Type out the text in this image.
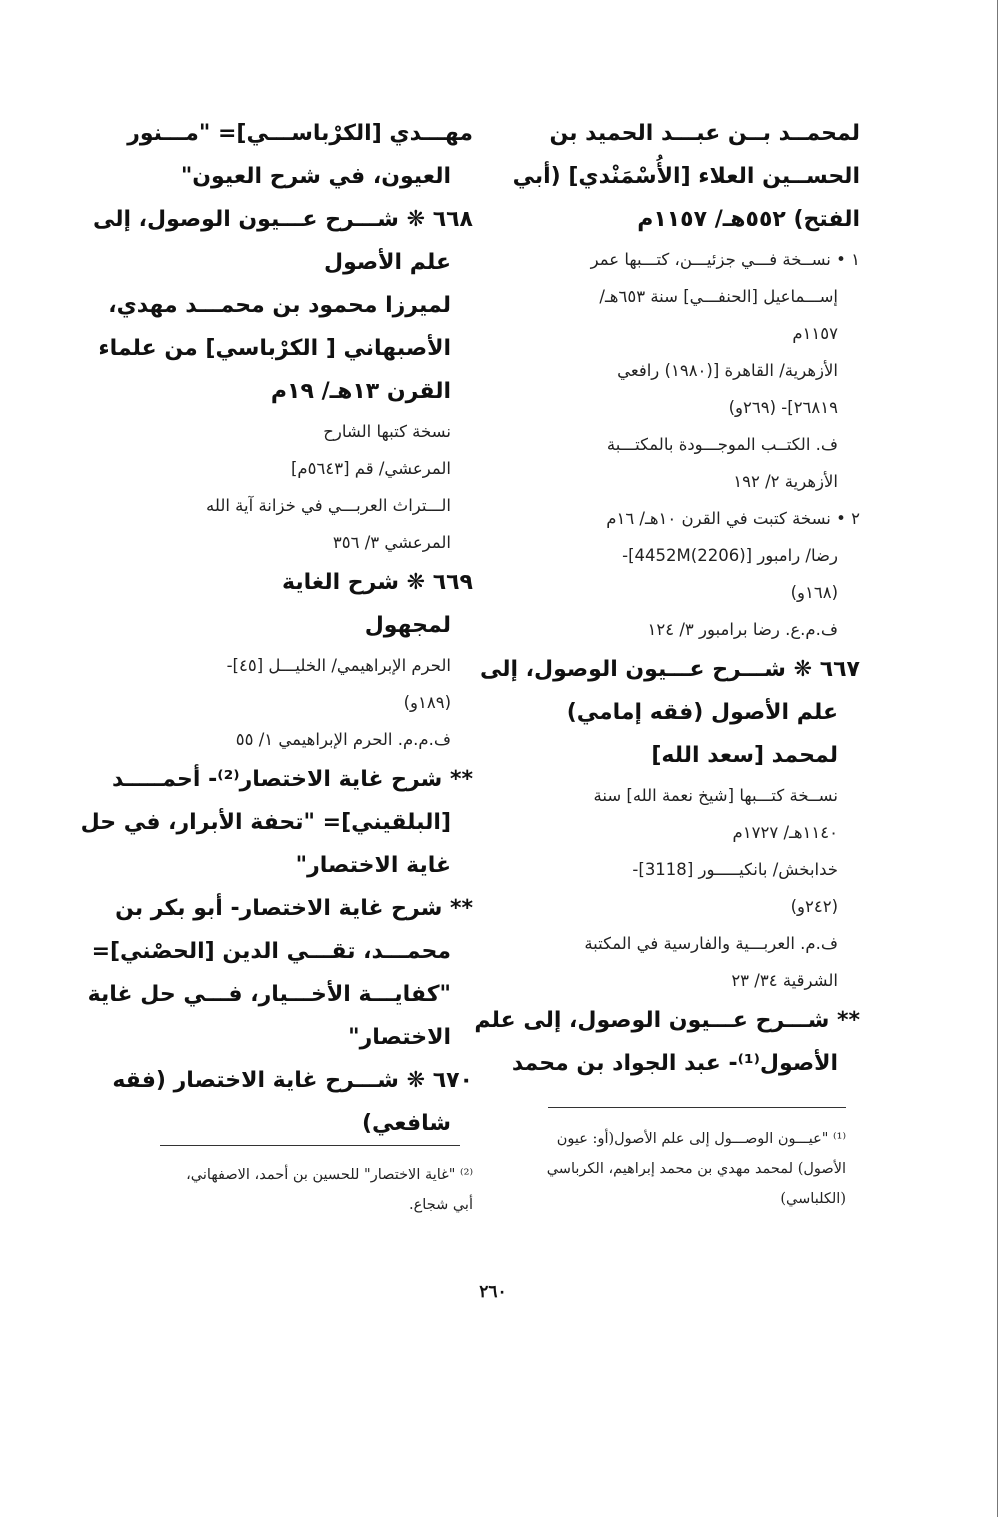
لمحمــد بــن عبـــد الحميد بن
الحســين العلاء [الأُسْمَنْدي] (أبي
الفتح) ٥٥٢هـ/ ١١٥٧م
١ • نســخة فـــي جزئيـــن، كتـــبها عمر
إســـماعيل [الحنفـــي] سنة ٦٥٣هـ/
١١٥٧م
الأزهرية/ القاهرة [(١٩٨٠) رافعي
٢٦٨١٩]- (٢٦٩و)
ف. الكتــب الموجـــودة بالمكتـــبة
الأزهرية ٢/ ١٩٢
٢ • نسخة كتبت في القرن ١٠هـ/ ١٦م
رضا/ رامبور [(2206)4452M]-
(١٦٨و)
ف.م.ع. رضا برامبور ٣/ ١٢٤
٦٦٧ ❋ شـــرح عـــيون الوصول، إلى
علم الأصول (فقه إمامي)
لمحمد [سعد الله]
نســخة كتـــبها [شيخ نعمة الله] سنة
١١٤٠هـ/ ١٧٢٧م
خدابخش/ بانكيـــــور [3118]-
(٢٤٢و)
ف.م. العربـــية والفارسية في المكتبة
الشرقية ٣٤/ ٢٣
** شـــرح عـــيون الوصول، إلى علم
الأصول⁽¹⁾- عبد الجواد بن محمد
مهـــدي [الكرْباســـي]= "مـــنور
العيون، في شرح العيون"
٦٦٨ ❋ شـــرح عـــيون الوصول، إلى
علم الأصول
لميرزا محمود بن محمـــد مهدي،
الأصبهاني [ الكرْباسي] من علماء
القرن ١٣هـ/ ١٩م
نسخة كتبها الشارح
المرعشي/ قم [٥٦٤٣م]
الـــتراث العربـــي في خزانة آية الله
المرعشي ٣/ ٣٥٦
٦٦٩ ❋ شرح الغاية
لمجهول
الحرم الإبراهيمي/ الخليـــل [٤٥]-
(١٨٩و)
ف.م.م. الحرم الإبراهيمي ١/ ٥٥
** شرح غاية الاختصار⁽²⁾- أحمـــــد
[البلقيني]= "تحفة الأبرار، في حل
غاية الاختصار"
** شرح غاية الاختصار- أبو بكر بن
محمـــد، تقـــي الدين [الحصْني]=
"كفايـــة الأخـــيار، فـــي حل غاية
الاختصار"
٦٧٠ ❋ شـــرح غاية الاختصار (فقه
شافعي)
⁽¹⁾ "عيـــون الوصـــول إلى علم الأصول(أو: عيون
الأصول) لمحمد مهدي بن محمد إبراهيم، الكرباسي
(الكلباسي)
⁽²⁾ "غاية الاختصار" للحسين بن أحمد، الاصفهاني،
أبي شجاع.
٢٦٠
